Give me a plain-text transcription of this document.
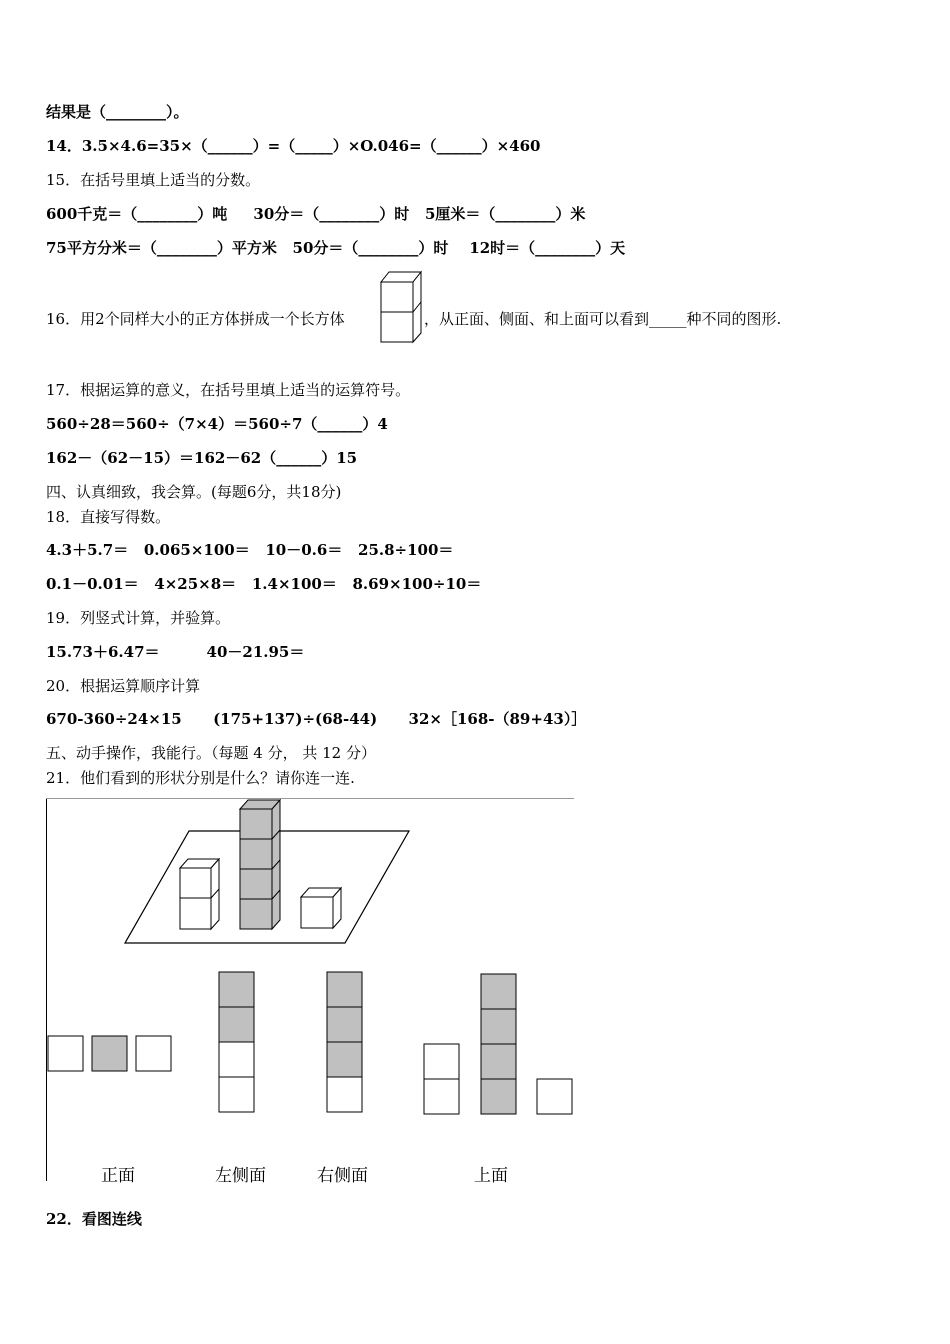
结果是（________）。
14．3.5×4.6=35×（______）=（_____）×O.046=（______）×460
15．在括号里填上适当的分数。
600千克＝（________）吨     30分＝（________）时   5厘米＝（________）米
75平方分米＝（________）平方米   50分＝（________）时    12时＝（________）天
16．用2个同样大小的正方体拼成一个长方体	，从正面、侧面、和上面可以看到_____种不同的图形.
17．根据运算的意义，在括号里填上适当的运算符号。
560÷28＝560÷（7×4）＝560÷7（______）4
162－（62－15）＝162－62（______）15
四、认真细致，我会算。(每题6分，共18分)
18．直接写得数。
4.3＋5.7＝   0.065×100＝   10－0.6＝   25.8÷100＝
0.1－0.01＝   4×25×8＝   1.4×100＝   8.69×100÷10＝
19．列竖式计算，并验算。
15.73＋6.47＝         40－21.95＝
20．根据运算顺序计算
670-360÷24×15      (175+137)÷(68-44)      32×［168-（89+43）］
五、动手操作，我能行。（每题 4 分， 共 12 分）
21．他们看到的形状分别是什么？请你连一连.
正面	左侧面	右侧面	上面
22．看图连线
